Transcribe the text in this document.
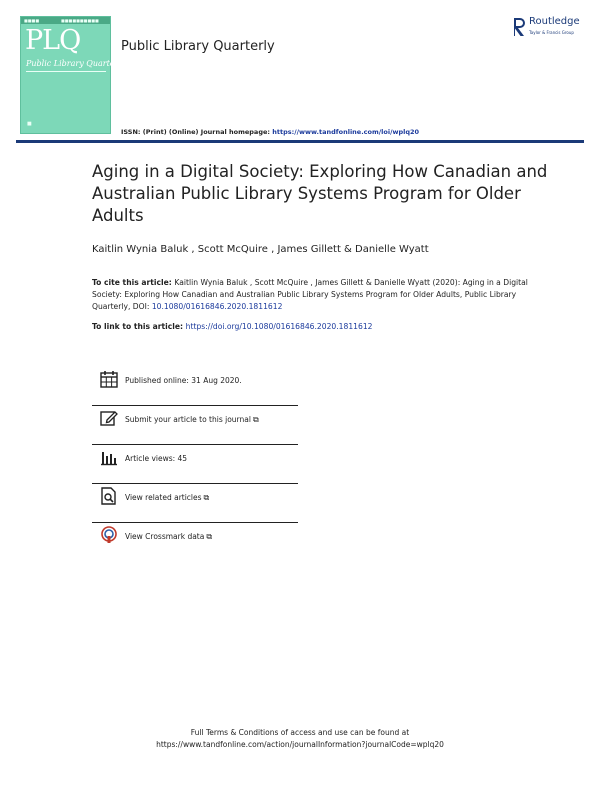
■■■■	■■■■■■■■■■
PLQ
Public Library Quarterly
■
Public Library Quarterly
Routledge
Taylor & Francis Group
ISSN: (Print) (Online) Journal homepage: https://www.tandfonline.com/loi/wplq20
Aging in a Digital Society: Exploring How Canadian and Australian Public Library Systems Program for Older Adults
Kaitlin Wynia Baluk , Scott McQuire , James Gillett & Danielle Wyatt
To cite this article: Kaitlin Wynia Baluk , Scott McQuire , James Gillett & Danielle Wyatt (2020): Aging in a Digital Society: Exploring How Canadian and Australian Public Library Systems Program for Older Adults, Public Library Quarterly, DOI: 10.1080/01616846.2020.1811612
To link to this article: https://doi.org/10.1080/01616846.2020.1811612
Published online: 31 Aug 2020.
Submit your article to this journal ⧉
Article views: 45
View related articles ⧉
View Crossmark data ⧉
Full Terms & Conditions of access and use can be found at
https://www.tandfonline.com/action/journalInformation?journalCode=wplq20
